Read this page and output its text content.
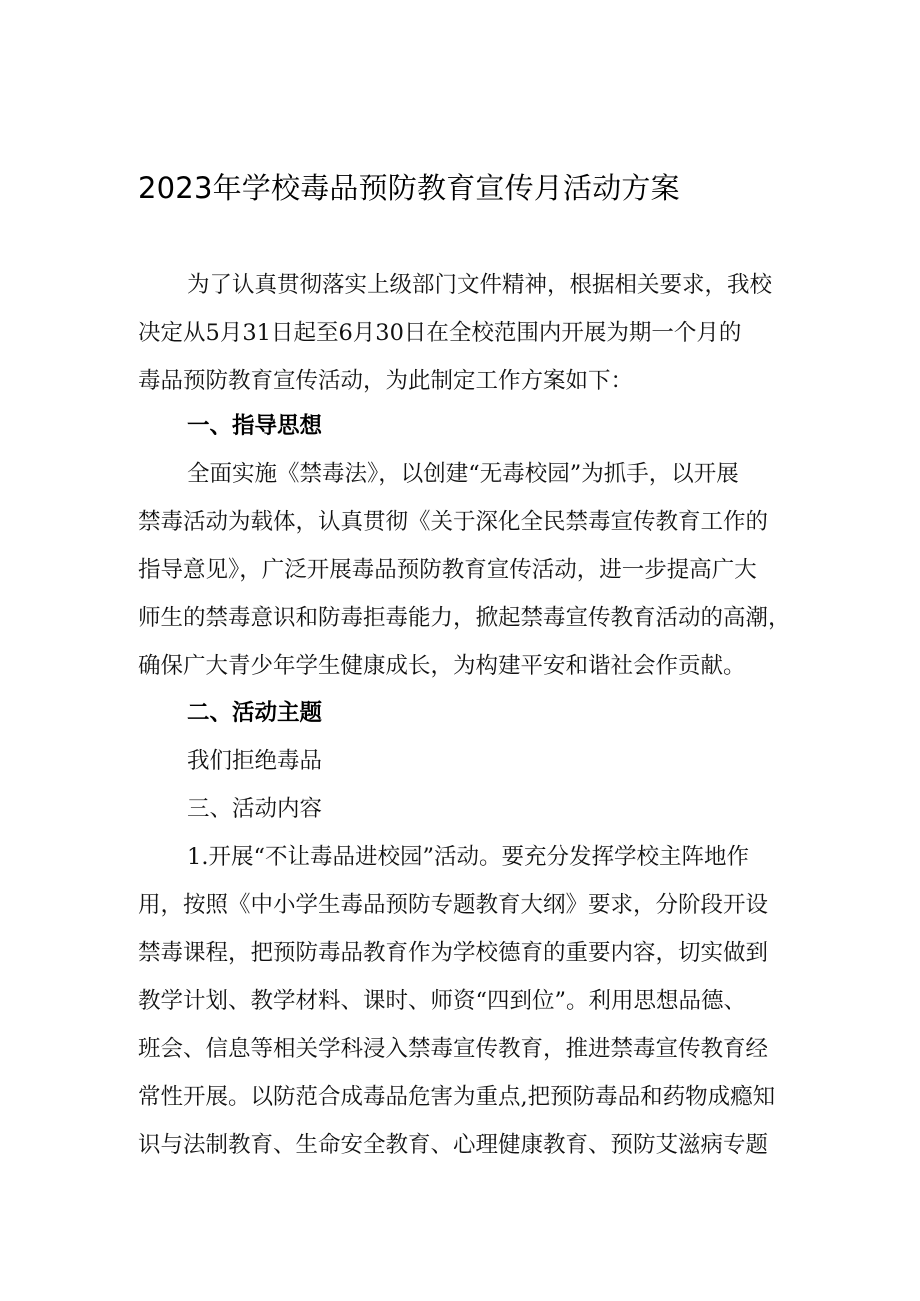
2023年学校毒品预防教育宣传月活动方案
为了认真贯彻落实上级部门文件精神，根据相关要求，我校
决定从5月31日起至6月30日在全校范围内开展为期一个月的
毒品预防教育宣传活动，为此制定工作方案如下：
一、指导思想
全面实施《禁毒法》，以创建“无毒校园”为抓手，以开展
禁毒活动为载体，认真贯彻《关于深化全民禁毒宣传教育工作的
指导意见》，广泛开展毒品预防教育宣传活动，进一步提高广大
师生的禁毒意识和防毒拒毒能力，掀起禁毒宣传教育活动的高潮，
确保广大青少年学生健康成长，为构建平安和谐社会作贡献。
二、活动主题
我们拒绝毒品
三、活动内容
1.开展“不让毒品进校园”活动。要充分发挥学校主阵地作
用，按照《中小学生毒品预防专题教育大纲》要求，分阶段开设
禁毒课程，把预防毒品教育作为学校德育的重要内容，切实做到
教学计划、教学材料、课时、师资“四到位”。利用思想品德、
班会、信息等相关学科浸入禁毒宣传教育，推进禁毒宣传教育经
常性开展。以防范合成毒品危害为重点,把预防毒品和药物成瘾知
识与法制教育、生命安全教育、心理健康教育、预防艾滋病专题
